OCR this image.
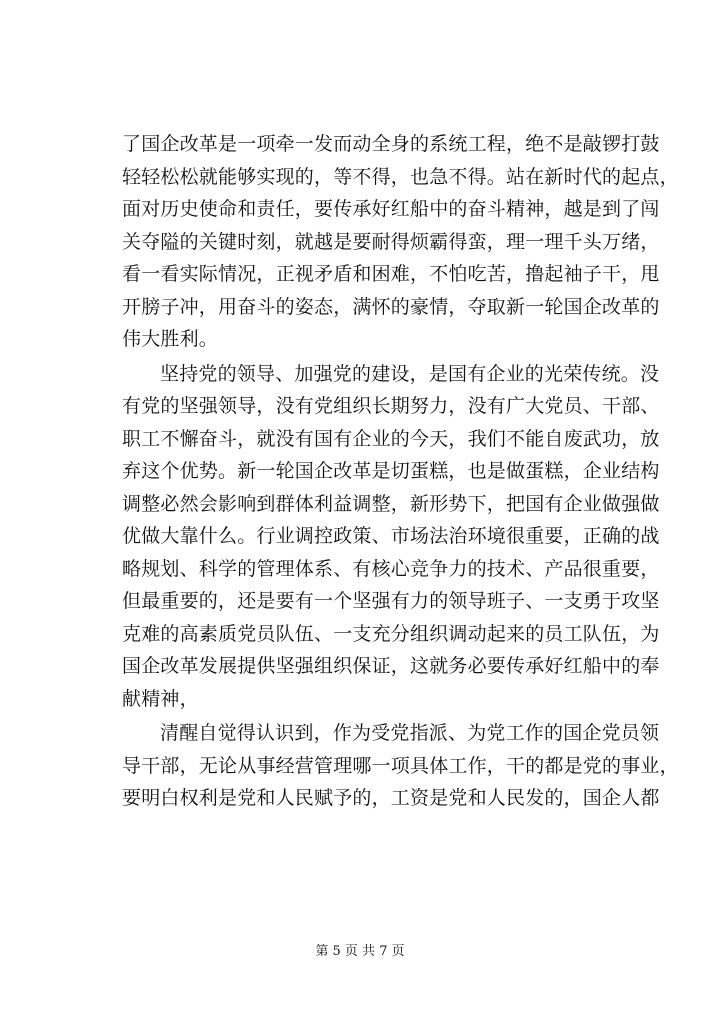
了国企改革是一项牵一发而动全身的系统工程，绝不是敲锣打鼓
轻轻松松就能够实现的，等不得，也急不得。站在新时代的起点，
面对历史使命和责任，要传承好红船中的奋斗精神，越是到了闯
关夺隘的关键时刻，就越是要耐得烦霸得蛮，理一理千头万绪，
看一看实际情况，正视矛盾和困难，不怕吃苦，撸起袖子干，甩
开膀子冲，用奋斗的姿态，满怀的豪情，夺取新一轮国企改革的
伟大胜利。
坚持党的领导、加强党的建设，是国有企业的光荣传统。没
有党的坚强领导，没有党组织长期努力，没有广大党员、干部、
职工不懈奋斗，就没有国有企业的今天，我们不能自废武功，放
弃这个优势。新一轮国企改革是切蛋糕，也是做蛋糕，企业结构
调整必然会影响到群体利益调整，新形势下，把国有企业做强做
优做大靠什么。行业调控政策、市场法治环境很重要，正确的战
略规划、科学的管理体系、有核心竞争力的技术、产品很重要，
但最重要的，还是要有一个坚强有力的领导班子、一支勇于攻坚
克难的高素质党员队伍、一支充分组织调动起来的员工队伍，为
国企改革发展提供坚强组织保证，这就务必要传承好红船中的奉
献精神，
清醒自觉得认识到，作为受党指派、为党工作的国企党员领
导干部，无论从事经营管理哪一项具体工作，干的都是党的事业，
要明白权利是党和人民赋予的，工资是党和人民发的，国企人都
第 5 页 共 7 页
